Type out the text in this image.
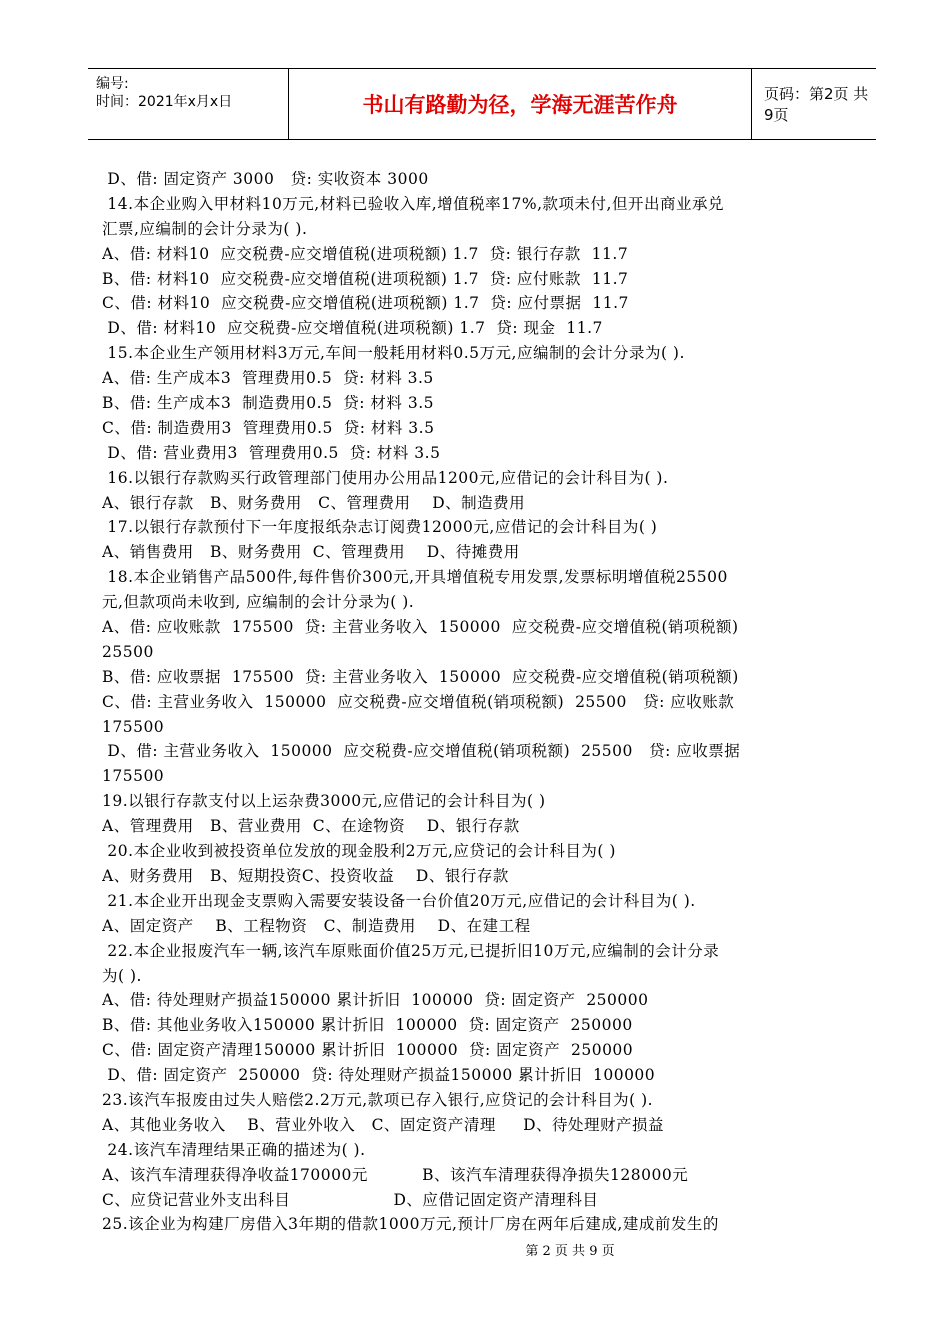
编号:
时间：2021年x月x日	书山有路勤为径，学海无涯苦作舟	页码：第2页 共9页
D、借: 固定资产 3000   贷: 实收资本 3000
14.本企业购入甲材料10万元,材料已验收入库,增值税率17%,款项未付,但开出商业承兑
汇票,应编制的会计分录为( ).
A、借: 材料10  应交税费-应交增值税(进项税额) 1.7  贷: 银行存款  11.7
B、借: 材料10  应交税费-应交增值税(进项税额) 1.7  贷: 应付账款  11.7
C、借: 材料10  应交税费-应交增值税(进项税额) 1.7  贷: 应付票据  11.7
D、借: 材料10  应交税费-应交增值税(进项税额) 1.7  贷: 现金  11.7
15.本企业生产领用材料3万元,车间一般耗用材料0.5万元,应编制的会计分录为( ).
A、借: 生产成本3  管理费用0.5  贷: 材料 3.5
B、借: 生产成本3  制造费用0.5  贷: 材料 3.5
C、借: 制造费用3  管理费用0.5  贷: 材料 3.5
D、借: 营业费用3  管理费用0.5  贷: 材料 3.5
16.以银行存款购买行政管理部门使用办公用品1200元,应借记的会计科目为( ).
A、银行存款   B、财务费用   C、管理费用    D、制造费用
17.以银行存款预付下一年度报纸杂志订阅费12000元,应借记的会计科目为( )
A、销售费用   B、财务费用  C、管理费用    D、待摊费用
18.本企业销售产品500件,每件售价300元,开具增值税专用发票,发票标明增值税25500
元,但款项尚未收到, 应编制的会计分录为( ).
A、借: 应收账款  175500  贷: 主营业务收入  150000  应交税费-应交增值税(销项税额)
25500
B、借: 应收票据  175500  贷: 主营业务收入  150000  应交税费-应交增值税(销项税额)
C、借: 主营业务收入  150000  应交税费-应交增值税(销项税额)  25500   贷: 应收账款
175500
D、借: 主营业务收入  150000  应交税费-应交增值税(销项税额)  25500   贷: 应收票据
175500
19.以银行存款支付以上运杂费3000元,应借记的会计科目为( )
A、管理费用   B、营业费用  C、在途物资    D、银行存款
20.本企业收到被投资单位发放的现金股利2万元,应贷记的会计科目为( )
A、财务费用   B、短期投资C、投资收益    D、银行存款
21.本企业开出现金支票购入需要安装设备一台价值20万元,应借记的会计科目为( ).
A、固定资产    B、工程物资   C、制造费用    D、在建工程
22.本企业报废汽车一辆,该汽车原账面价值25万元,已提折旧10万元,应编制的会计分录
为( ).
A、借: 待处理财产损益150000 累计折旧  100000  贷: 固定资产  250000
B、借: 其他业务收入150000 累计折旧  100000  贷: 固定资产  250000
C、借: 固定资产清理150000 累计折旧  100000  贷: 固定资产  250000
D、借: 固定资产  250000  贷: 待处理财产损益150000 累计折旧  100000
23.该汽车报废由过失人赔偿2.2万元,款项已存入银行,应贷记的会计科目为( ).
A、其他业务收入    B、营业外收入   C、固定资产清理     D、待处理财产损益
24.该汽车清理结果正确的描述为( ).
A、该汽车清理获得净收益170000元          B、该汽车清理获得净损失128000元
C、应贷记营业外支出科目                   D、应借记固定资产清理科目
25.该企业为构建厂房借入3年期的借款1000万元,预计厂房在两年后建成,建成前发生的
第 2 页 共 9 页
